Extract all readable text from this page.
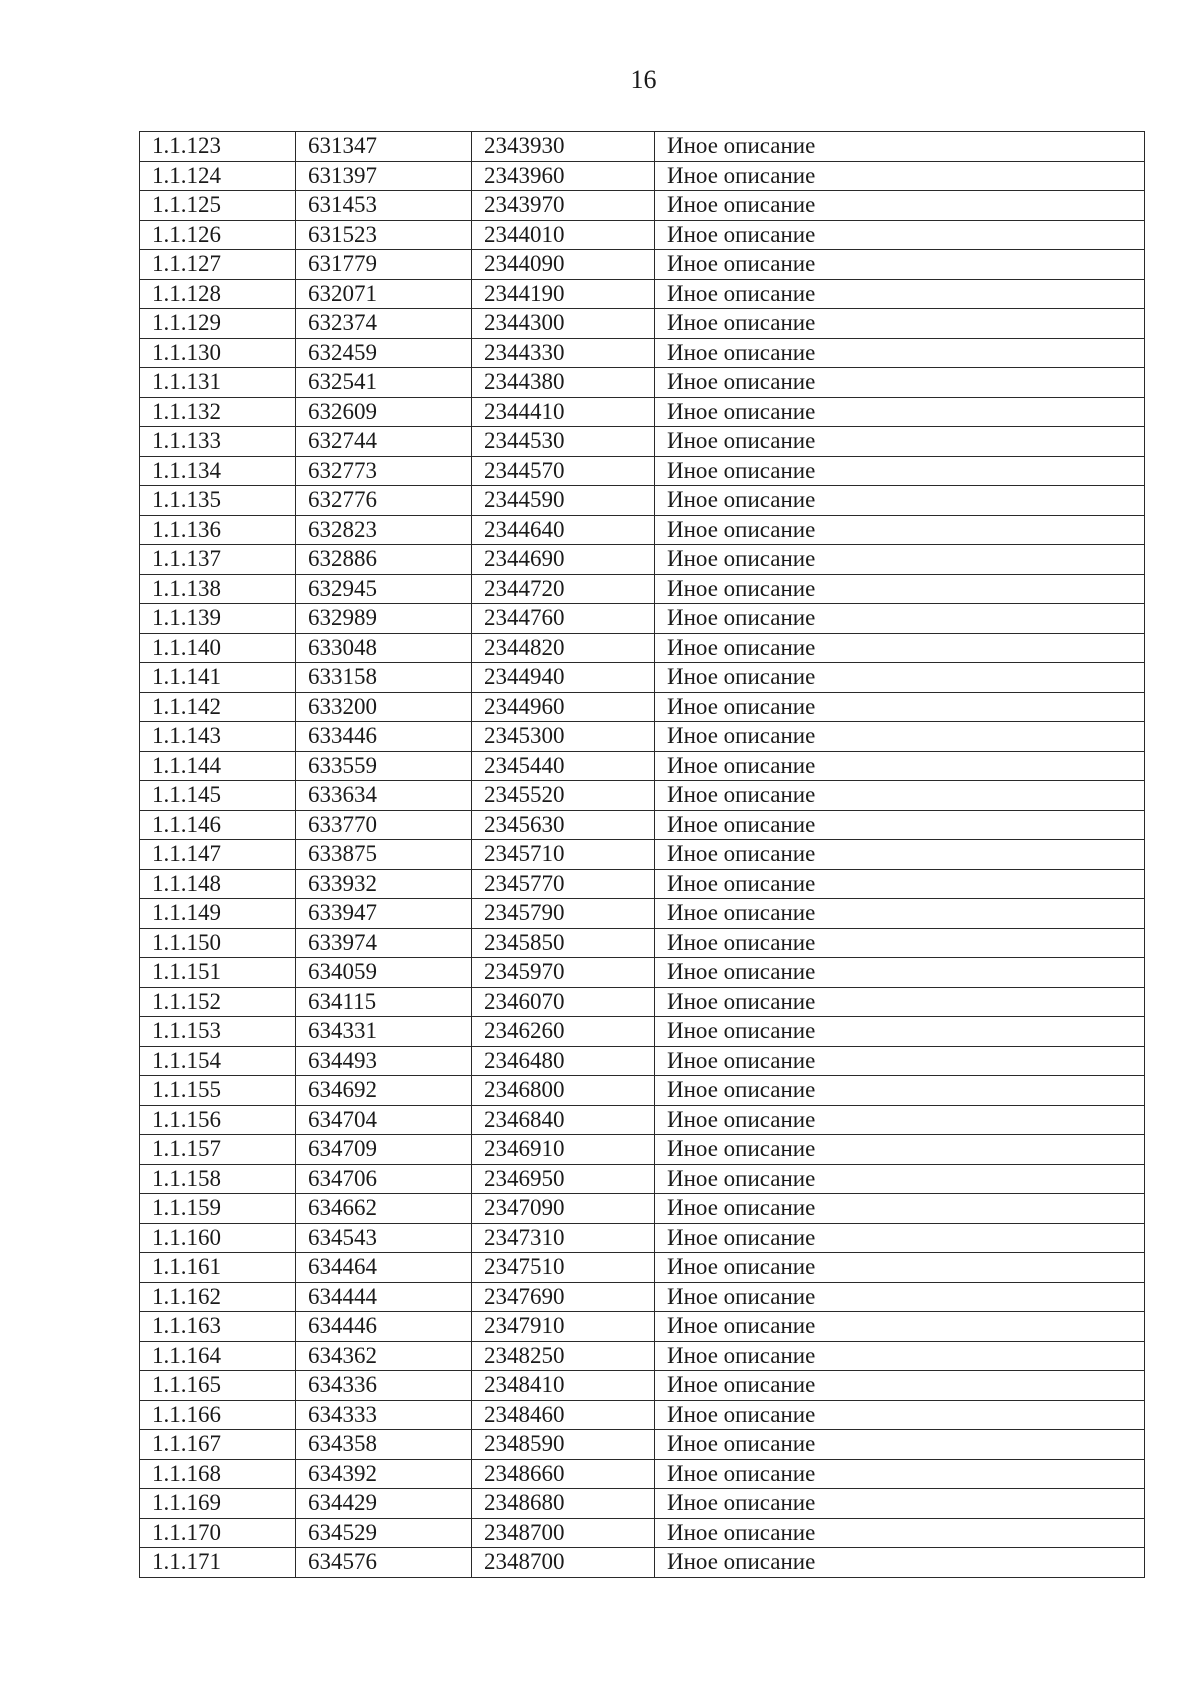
16
1.1.123	631347	2343930	Иное описание
1.1.124	631397	2343960	Иное описание
1.1.125	631453	2343970	Иное описание
1.1.126	631523	2344010	Иное описание
1.1.127	631779	2344090	Иное описание
1.1.128	632071	2344190	Иное описание
1.1.129	632374	2344300	Иное описание
1.1.130	632459	2344330	Иное описание
1.1.131	632541	2344380	Иное описание
1.1.132	632609	2344410	Иное описание
1.1.133	632744	2344530	Иное описание
1.1.134	632773	2344570	Иное описание
1.1.135	632776	2344590	Иное описание
1.1.136	632823	2344640	Иное описание
1.1.137	632886	2344690	Иное описание
1.1.138	632945	2344720	Иное описание
1.1.139	632989	2344760	Иное описание
1.1.140	633048	2344820	Иное описание
1.1.141	633158	2344940	Иное описание
1.1.142	633200	2344960	Иное описание
1.1.143	633446	2345300	Иное описание
1.1.144	633559	2345440	Иное описание
1.1.145	633634	2345520	Иное описание
1.1.146	633770	2345630	Иное описание
1.1.147	633875	2345710	Иное описание
1.1.148	633932	2345770	Иное описание
1.1.149	633947	2345790	Иное описание
1.1.150	633974	2345850	Иное описание
1.1.151	634059	2345970	Иное описание
1.1.152	634115	2346070	Иное описание
1.1.153	634331	2346260	Иное описание
1.1.154	634493	2346480	Иное описание
1.1.155	634692	2346800	Иное описание
1.1.156	634704	2346840	Иное описание
1.1.157	634709	2346910	Иное описание
1.1.158	634706	2346950	Иное описание
1.1.159	634662	2347090	Иное описание
1.1.160	634543	2347310	Иное описание
1.1.161	634464	2347510	Иное описание
1.1.162	634444	2347690	Иное описание
1.1.163	634446	2347910	Иное описание
1.1.164	634362	2348250	Иное описание
1.1.165	634336	2348410	Иное описание
1.1.166	634333	2348460	Иное описание
1.1.167	634358	2348590	Иное описание
1.1.168	634392	2348660	Иное описание
1.1.169	634429	2348680	Иное описание
1.1.170	634529	2348700	Иное описание
1.1.171	634576	2348700	Иное описание
